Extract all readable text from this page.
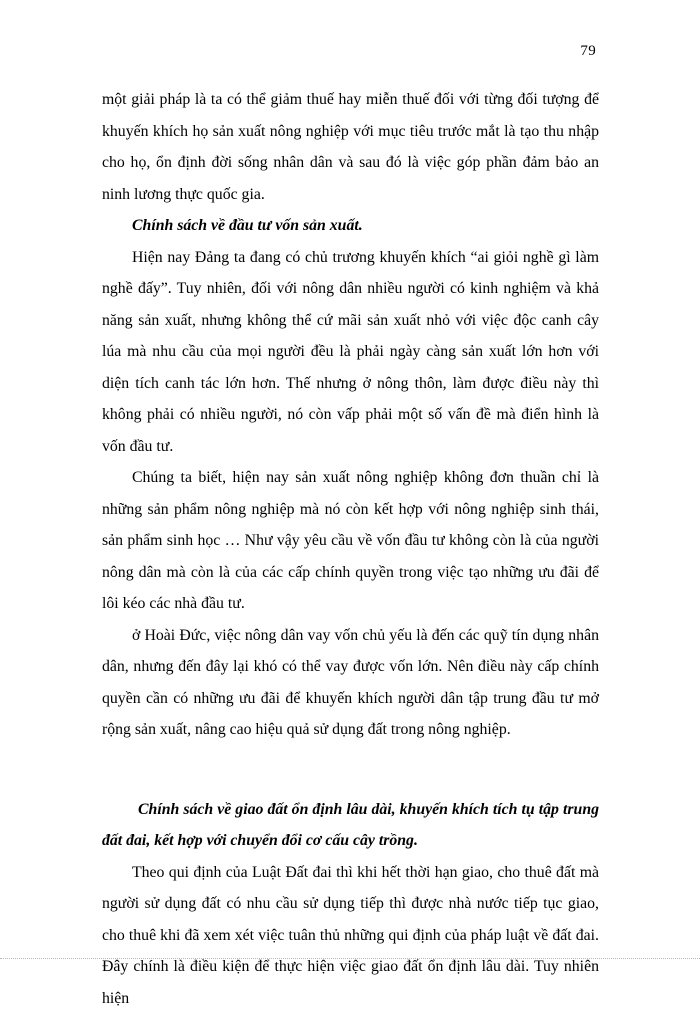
79

một giải pháp là ta có thể giảm thuế hay miễn thuế đối với từng đối tượng để khuyến khích họ sản xuất nông nghiệp với mục tiêu trước mắt là tạo thu nhập cho họ, ổn định đời sống nhân dân và sau đó là việc góp phần đảm bảo an ninh lương thực quốc gia.

Chính sách về đầu tư vốn sản xuất.

Hiện nay Đảng ta đang có chủ trương khuyến khích “ai giỏi nghề gì làm nghề đấy”. Tuy nhiên, đối với nông dân nhiều người có kinh nghiệm và khả năng sản xuất, nhưng không thể cứ mãi sản xuất nhỏ với việc độc canh cây lúa mà nhu cầu của mọi người đều là phải ngày càng sản xuất lớn hơn với diện tích canh tác lớn hơn. Thế nhưng ở nông thôn, làm được điều này thì không phải có nhiều người, nó còn vấp phải một số vấn đề mà điển hình là vốn đầu tư.

Chúng ta biết, hiện nay sản xuất nông nghiệp không đơn thuần chỉ là những sản phẩm nông nghiệp mà nó còn kết hợp với nông nghiệp sinh thái, sản phẩm sinh học … Như vậy yêu cầu về vốn đầu tư không còn là của người nông dân mà còn là của các cấp chính quyền trong việc tạo những ưu đãi để lôi kéo các nhà đầu tư.

ở Hoài Đức, việc nông dân vay vốn chủ yếu là đến các quỹ tín dụng nhân dân, nhưng đến đây lại khó có thể vay được vốn lớn. Nên điều này cấp chính quyền cần có những ưu đãi để khuyến khích người dân tập trung đầu tư mở rộng sản xuất, nâng cao hiệu quả sử dụng đất trong nông nghiệp.

Chính sách về giao đất ổn định lâu dài, khuyến khích tích tụ tập trung đất đai, kết hợp với chuyển đổi cơ cấu cây trồng.

Theo qui định của Luật Đất đai thì khi hết thời hạn giao, cho thuê đất mà người sử dụng đất có nhu cầu sử dụng tiếp thì được nhà nước tiếp tục giao, cho thuê khi đã xem xét việc tuân thủ những qui định của pháp luật về đất đai. Đây chính là điều kiện để thực hiện việc giao đất ổn định lâu dài. Tuy nhiên hiện
